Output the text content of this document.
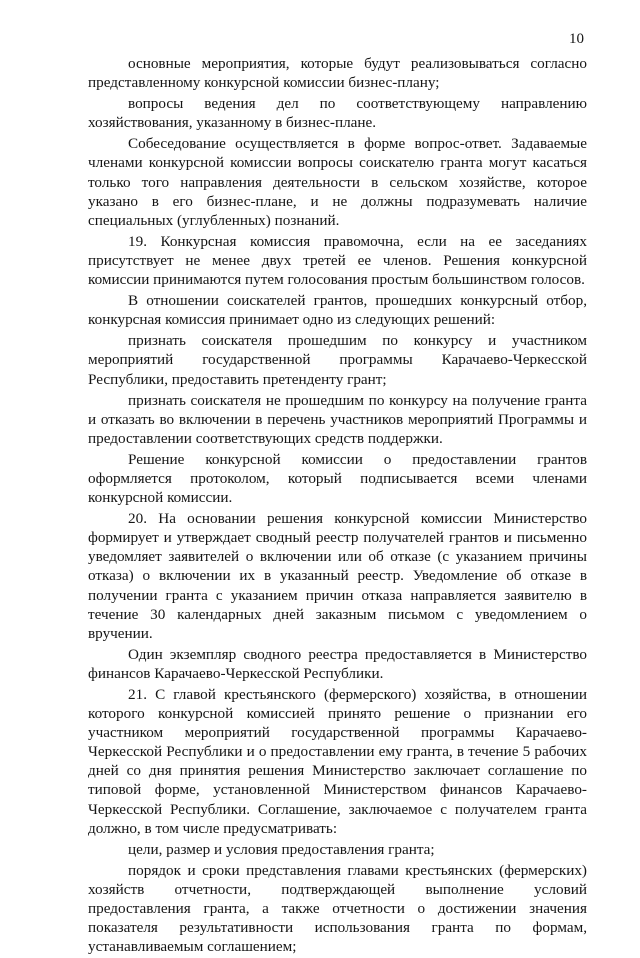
10

основные мероприятия, которые будут реализовываться согласно представленному конкурсной комиссии бизнес-плану;

вопросы ведения дел по соответствующему направлению хозяйствования, указанному в бизнес-плане.

Собеседование осуществляется в форме вопрос-ответ. Задаваемые членами конкурсной комиссии вопросы соискателю гранта могут касаться только того направления деятельности в сельском хозяйстве, которое указано в его бизнес-плане, и не должны подразумевать наличие специальных (углубленных) познаний.

19. Конкурсная комиссия правомочна, если на ее заседаниях присутствует не менее двух третей ее членов. Решения конкурсной комиссии принимаются путем голосования простым большинством голосов.

В отношении соискателей грантов, прошедших конкурсный отбор, конкурсная комиссия принимает одно из следующих решений:

признать соискателя прошедшим по конкурсу и участником мероприятий государственной программы Карачаево-Черкесской Республики, предоставить претенденту грант;

признать соискателя не прошедшим по конкурсу на получение гранта и отказать во включении в перечень участников мероприятий Программы и предоставлении соответствующих средств поддержки.

Решение конкурсной комиссии о предоставлении грантов оформляется протоколом, который подписывается всеми членами конкурсной комиссии.

20. На основании решения конкурсной комиссии Министерство формирует и утверждает сводный реестр получателей грантов и письменно уведомляет заявителей о включении или об отказе (с указанием причины отказа) о включении их в указанный реестр. Уведомление об отказе в получении гранта с указанием причин отказа направляется заявителю в течение 30 календарных дней заказным письмом с уведомлением о вручении.

Один экземпляр сводного реестра предоставляется в Министерство финансов Карачаево-Черкесской Республики.

21. С главой крестьянского (фермерского) хозяйства, в отношении которого конкурсной комиссией принято решение о признании его участником мероприятий государственной программы Карачаево-Черкесской Республики и о предоставлении ему гранта, в течение 5 рабочих дней со дня принятия решения Министерство заключает соглашение по типовой форме, установленной Министерством финансов Карачаево-Черкесской Республики. Соглашение, заключаемое с получателем гранта должно, в том числе предусматривать:

цели, размер и условия предоставления гранта;

порядок и сроки представления главами крестьянских (фермерских) хозяйств отчетности, подтверждающей выполнение условий предоставления гранта, а также отчетности о достижении значения показателя результативности использования гранта по формам, устанавливаемым соглашением;
